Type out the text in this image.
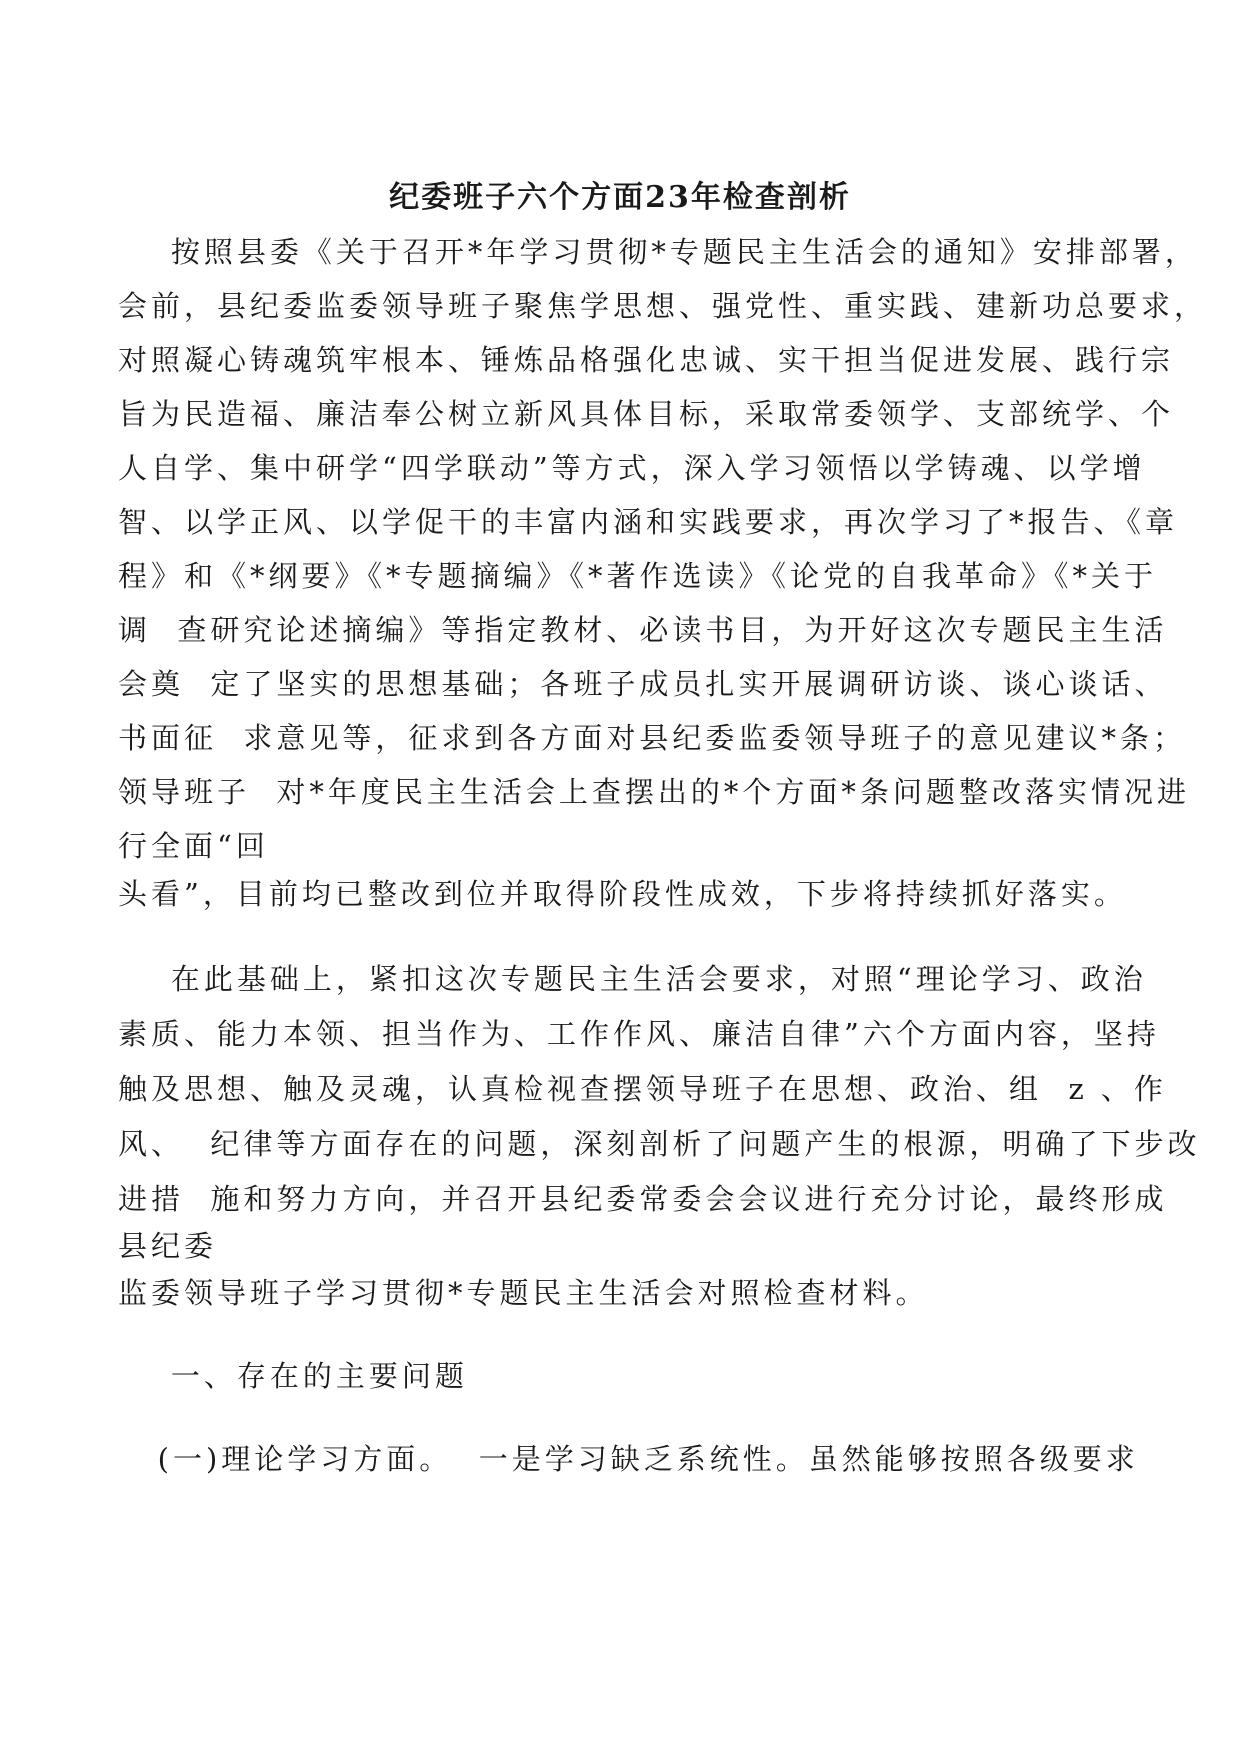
纪委班子六个方面23年检查剖析
按照县委《关于召开*年学习贯彻*专题民主生活会的通知》安排部署，
会前，县纪委监委领导班子聚焦学思想、强党性、重实践、建新功总要求，
对照凝心铸魂筑牢根本、锤炼品格强化忠诚、实干担当促进发展、践行宗
旨为民造福、廉洁奉公树立新风具体目标，采取常委领学、支部统学、个
人自学、集中研学“四学联动”等方式，深入学习领悟以学铸魂、以学增
智、以学正风、以学促干的丰富内涵和实践要求，再次学习了*报告、《章
程》和《*纲要》《*专题摘编》《*著作选读》《论党的自我革命》《*关于
调  查研究论述摘编》等指定教材、必读书目，为开好这次专题民主生活
会奠  定了坚实的思想基础；各班子成员扎实开展调研访谈、谈心谈话、
书面征  求意见等，征求到各方面对县纪委监委领导班子的意见建议*条；
领导班子  对*年度民主生活会上查摆出的*个方面*条问题整改落实情况进
行全面“回
头看”，目前均已整改到位并取得阶段性成效，下步将持续抓好落实。
在此基础上，紧扣这次专题民主生活会要求，对照“理论学习、政治
素质、能力本领、担当作为、工作作风、廉洁自律”六个方面内容，坚持
触及思想、触及灵魂，认真检视查摆领导班子在思想、政治、组  z 、作
风、  纪律等方面存在的问题，深刻剖析了问题产生的根源，明确了下步改
进措  施和努力方向，并召开县纪委常委会会议进行充分讨论，最终形成
县纪委
监委领导班子学习贯彻*专题民主生活会对照检查材料。
一、存在的主要问题
(一)理论学习方面。  一是学习缺乏系统性。虽然能够按照各级要求
